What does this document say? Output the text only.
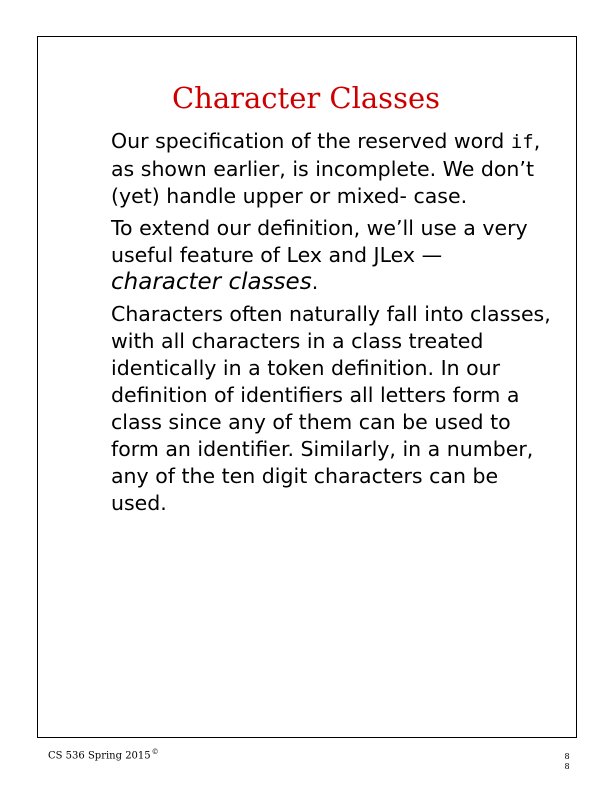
Character Classes

Our specification of the reserved word if, as shown earlier, is incomplete. We don’t (yet) handle upper or mixed- case.

To extend our definition, we’ll use a very useful feature of Lex and JLex —character classes.

Characters often naturally fall into classes, with all characters in a class treated identically in a token definition. In our definition of identifiers all letters form a class since any of them can be used to form an identifier. Similarly, in a number, any of the ten digit characters can be used.

CS 536 Spring 2015©	88
